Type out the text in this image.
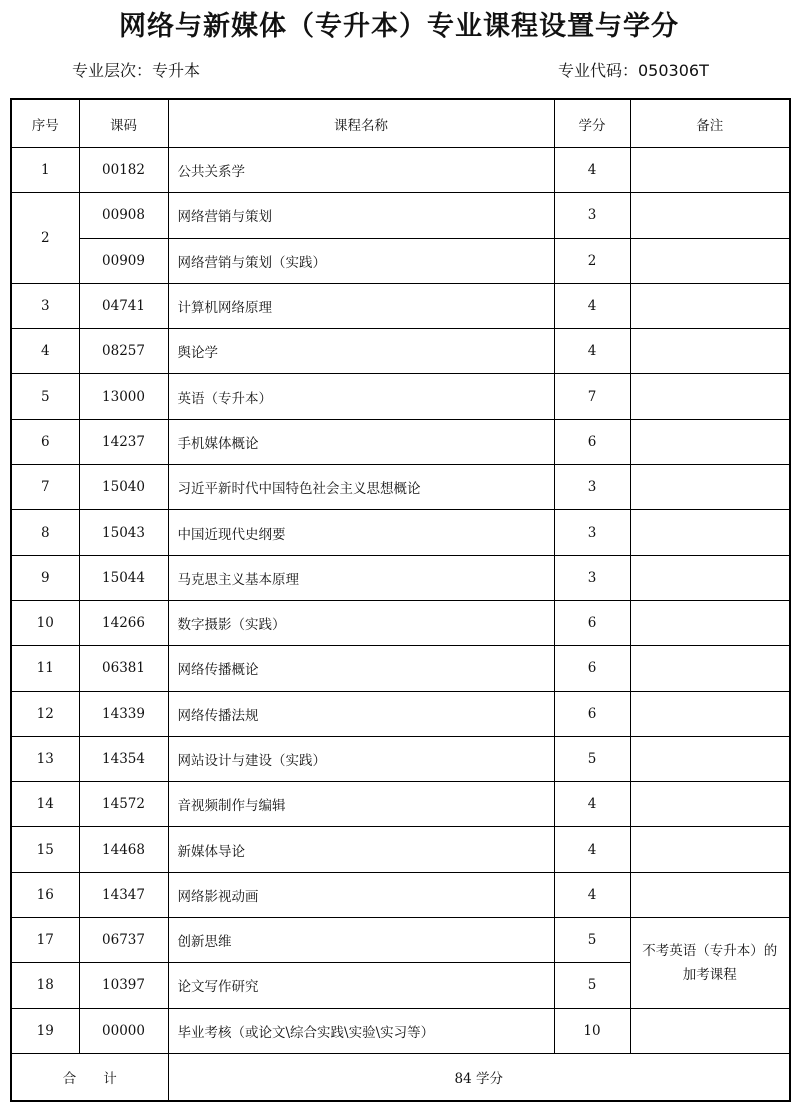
网络与新媒体（专升本）专业课程设置与学分
专业层次：专升本	专业代码：050306T
序号	课码	课程名称	学分	备注
1	00182	公共关系学	4	
2	00908	网络营销与策划	3	
	00909	网络营销与策划（实践）	2	
3	04741	计算机网络原理	4	
4	08257	舆论学	4	
5	13000	英语（专升本）	7	
6	14237	手机媒体概论	6	
7	15040	习近平新时代中国特色社会主义思想概论	3	
8	15043	中国近现代史纲要	3	
9	15044	马克思主义基本原理	3	
10	14266	数字摄影（实践）	6	
11	06381	网络传播概论	6	
12	14339	网络传播法规	6	
13	14354	网站设计与建设（实践）	5	
14	14572	音视频制作与编辑	4	
15	14468	新媒体导论	4	
16	14347	网络影视动画	4	
17	06737	创新思维	5	不考英语（专升本）的加考课程
18	10397	论文写作研究	5	
19	00000	毕业考核（或论文\综合实践\实验\实习等）	10	
合　　计		84 学分		
